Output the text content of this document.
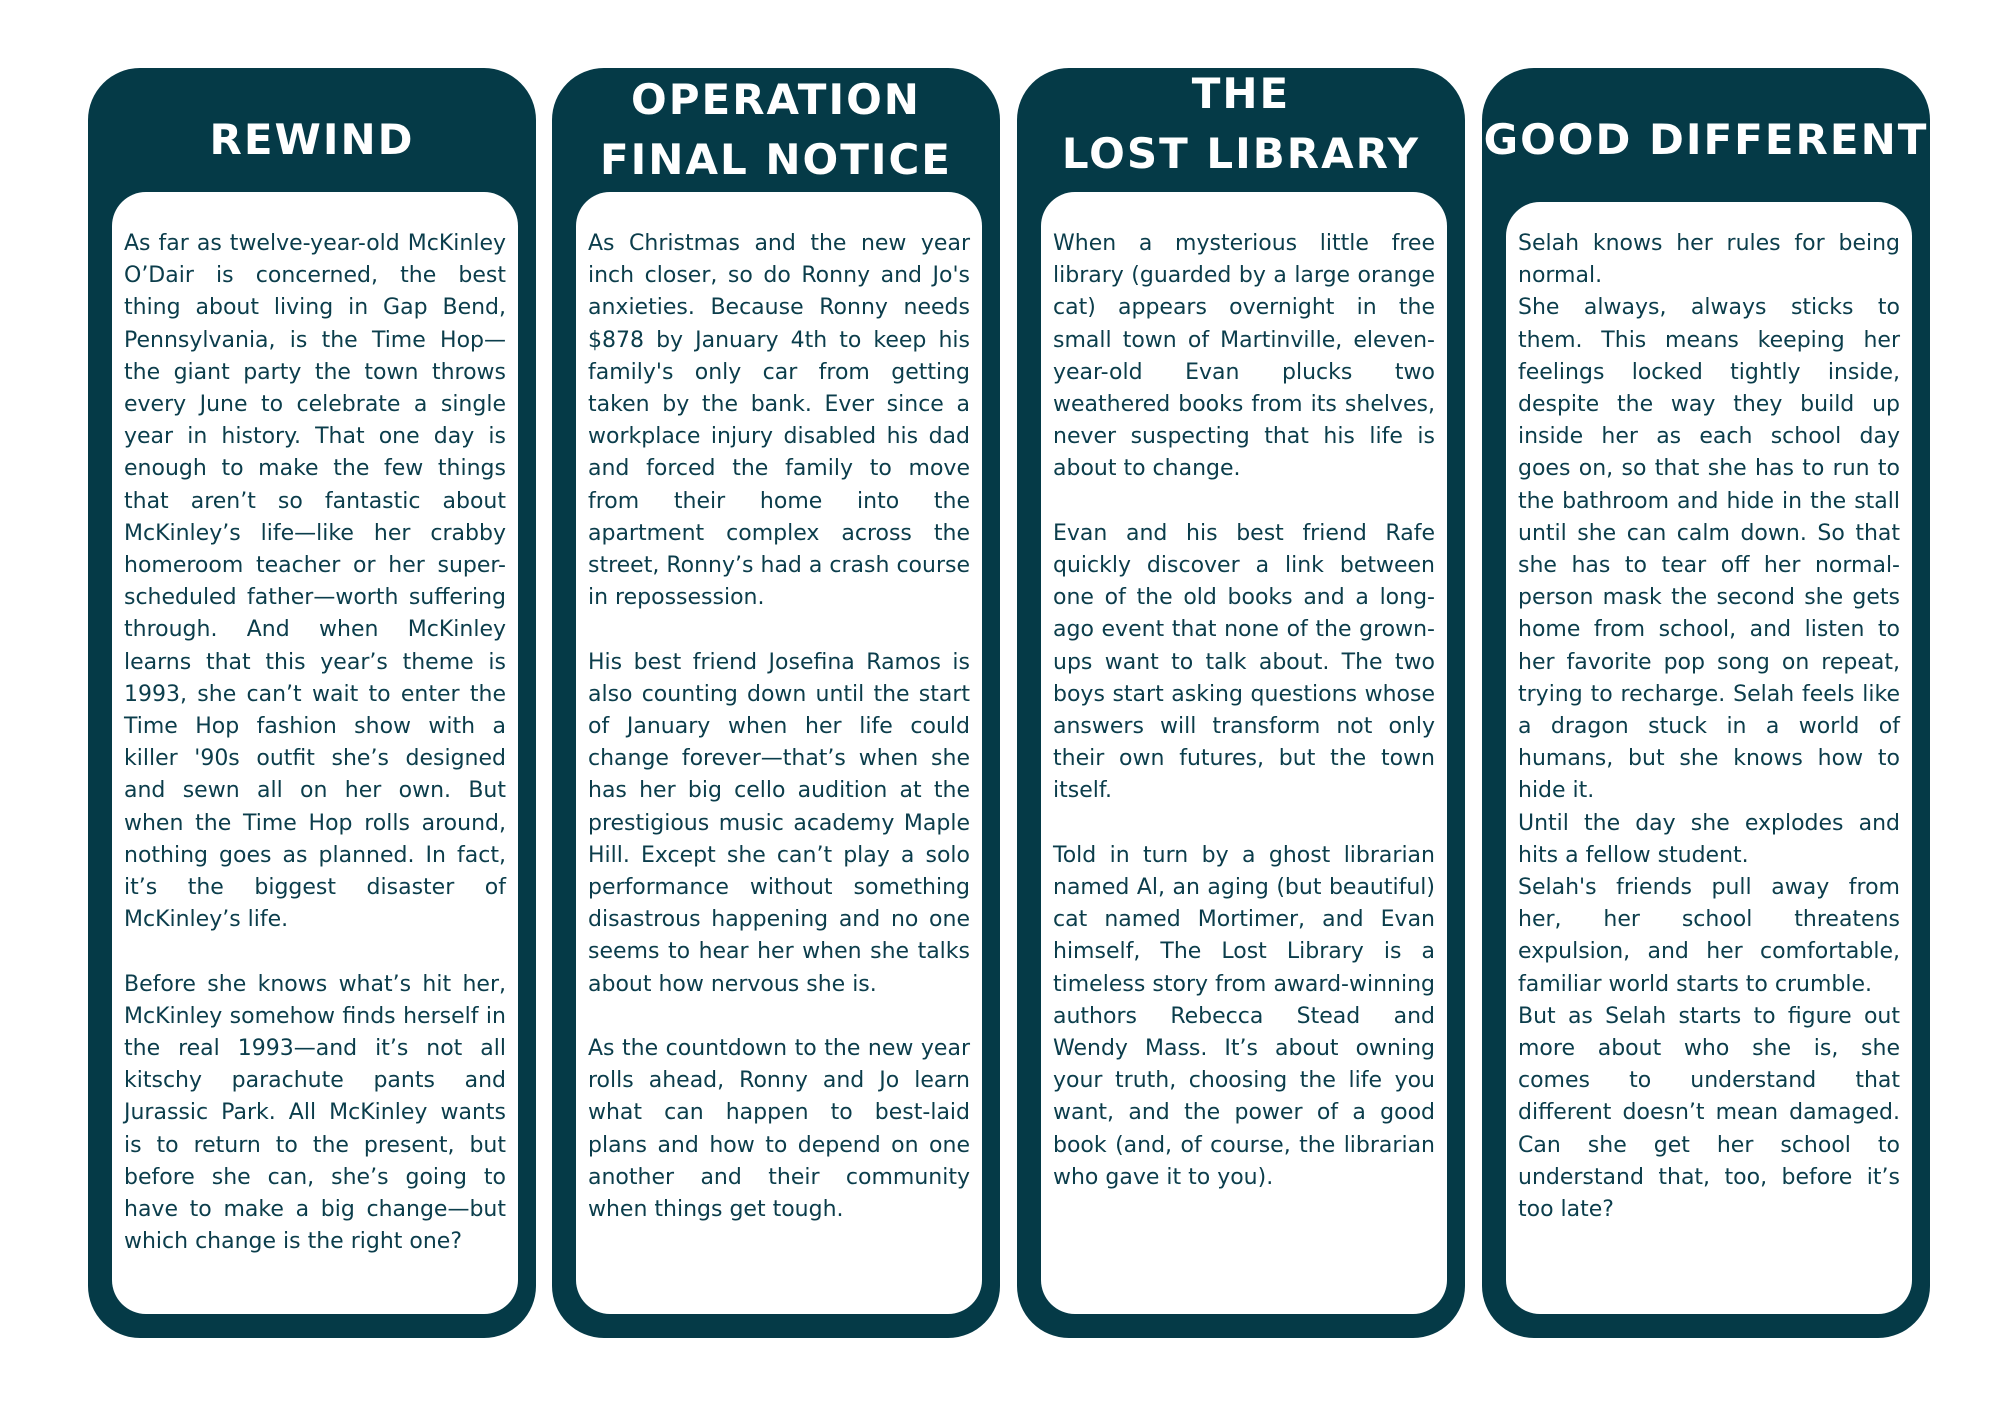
REWIND

As far as twelve-year-old McKinley O’Dair is concerned, the best thing about living in Gap Bend, Pennsylvania, is the Time Hop—the giant party the town throws every June to celebrate a single year in history. That one day is enough to make the few things that aren’t so fantastic about McKinley’s life—like her crabby homeroom teacher or her super-scheduled father—worth suffering through. And when McKinley learns that this year’s theme is 1993, she can’t wait to enter the Time Hop fashion show with a killer '90s outfit she’s designed and sewn all on her own. But when the Time Hop rolls around, nothing goes as planned. In fact, it’s the biggest disaster of McKinley’s life.

Before she knows what’s hit her, McKinley somehow finds herself in the real 1993—and it’s not all kitschy parachute pants and Jurassic Park. All McKinley wants is to return to the present, but before she can, she’s going to have to make a big change—but which change is the right one?

OPERATION
FINAL NOTICE

As Christmas and the new year inch closer, so do Ronny and Jo's anxieties. Because Ronny needs $878 by January 4th to keep his family's only car from getting taken by the bank. Ever since a workplace injury disabled his dad and forced the family to move from their home into the apartment complex across the street, Ronny’s had a crash course in repossession.

His best friend Josefina Ramos is also counting down until the start of January when her life could change forever—that’s when she has her big cello audition at the prestigious music academy Maple Hill. Except she can’t play a solo performance without something disastrous happening and no one seems to hear her when she talks about how nervous she is.

As the countdown to the new year rolls ahead, Ronny and Jo learn what can happen to best-laid plans and how to depend on one another and their community when things get tough.

THE
LOST LIBRARY

When a mysterious little free library (guarded by a large orange cat) appears overnight in the small town of Martinville, eleven-year-old Evan plucks two weathered books from its shelves, never suspecting that his life is about to change.

Evan and his best friend Rafe quickly discover a link between one of the old books and a long-ago event that none of the grown-ups want to talk about. The two boys start asking questions whose answers will transform not only their own futures, but the town itself.

Told in turn by a ghost librarian named Al, an aging (but beautiful) cat named Mortimer, and Evan himself, The Lost Library is a timeless story from award-winning authors Rebecca Stead and Wendy Mass. It’s about owning your truth, choosing the life you want, and the power of a good book (and, of course, the librarian who gave it to you).

GOOD DIFFERENT

Selah knows her rules for being normal.
She always, always sticks to them. This means keeping her feelings locked tightly inside, despite the way they build up inside her as each school day goes on, so that she has to run to the bathroom and hide in the stall until she can calm down. So that she has to tear off her normal-person mask the second she gets home from school, and listen to her favorite pop song on repeat, trying to recharge. Selah feels like a dragon stuck in a world of humans, but she knows how to hide it.
Until the day she explodes and hits a fellow student.
Selah's friends pull away from her, her school threatens expulsion, and her comfortable, familiar world starts to crumble.
But as Selah starts to figure out more about who she is, she comes to understand that different doesn’t mean damaged. Can she get her school to understand that, too, before it’s too late?
